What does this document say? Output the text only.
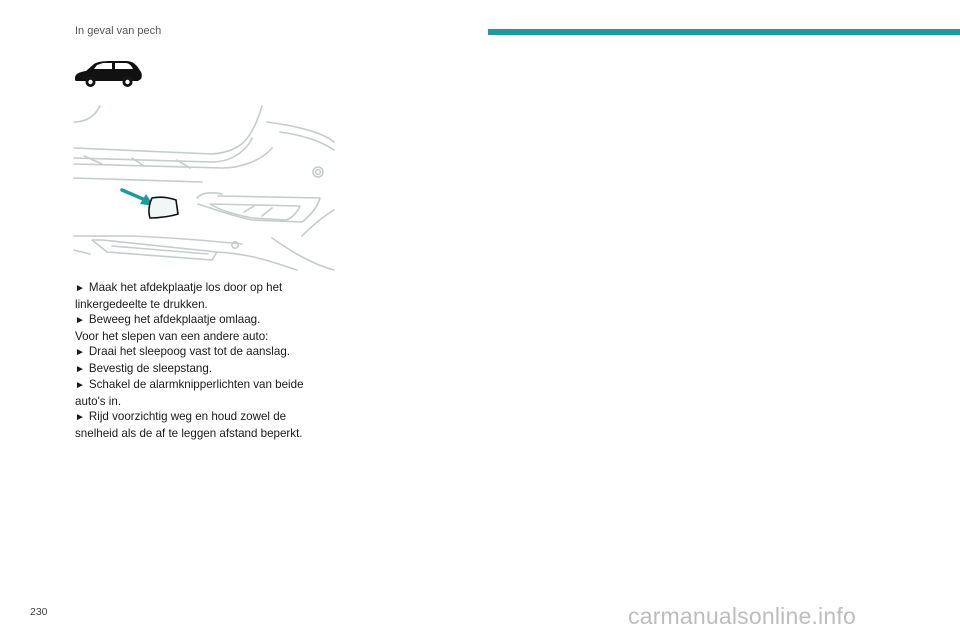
In geval van pech

► Maak het afdekplaatje los door op het linkergedeelte te drukken.

► Beweeg het afdekplaatje omlaag.

Voor het slepen van een andere auto:

► Draai het sleepoog vast tot de aanslag.

► Bevestig de sleepstang.

► Schakel de alarmknipperlichten van beide auto's in.

► Rijd voorzichtig weg en houd zowel de snelheid als de af te leggen afstand beperkt.

230	carmanualsonline.info
